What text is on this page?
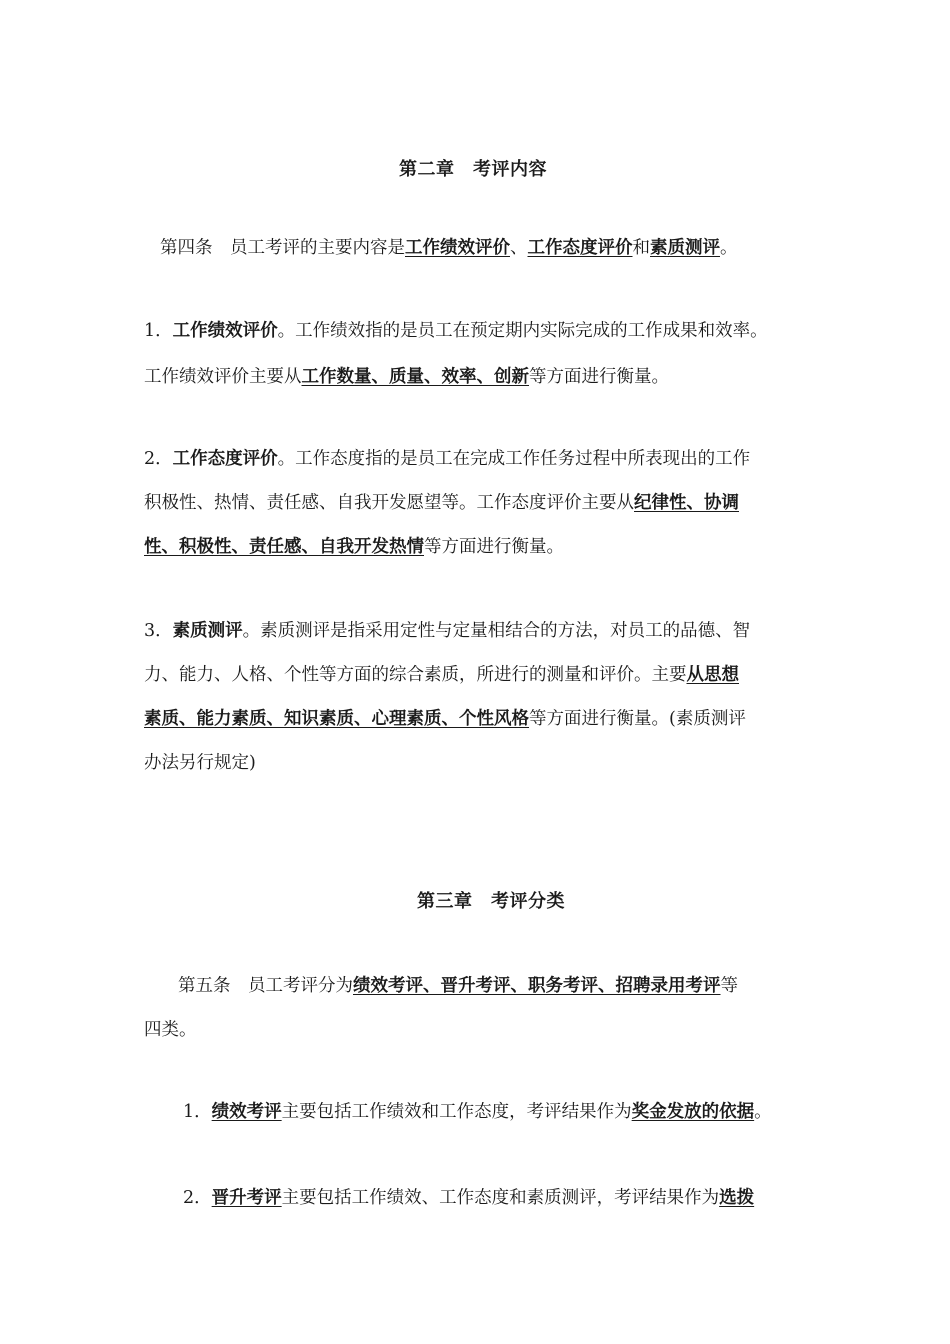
第二章　考评内容
第四条　员工考评的主要内容是工作绩效评价、工作态度评价和素质测评。
1．工作绩效评价。工作绩效指的是员工在预定期内实际完成的工作成果和效率。
工作绩效评价主要从工作数量、质量、效率、创新等方面进行衡量。
2．工作态度评价。工作态度指的是员工在完成工作任务过程中所表现出的工作
积极性、热情、责任感、自我开发愿望等。工作态度评价主要从纪律性、协调
性、积极性、责任感、自我开发热情等方面进行衡量。
3．素质测评。素质测评是指采用定性与定量相结合的方法，对员工的品德、智
力、能力、人格、个性等方面的综合素质，所进行的测量和评价。主要从思想
素质、能力素质、知识素质、心理素质、个性风格等方面进行衡量。(素质测评
办法另行规定)
第三章　考评分类
第五条　员工考评分为绩效考评、晋升考评、职务考评、招聘录用考评等
四类。
1．绩效考评主要包括工作绩效和工作态度，考评结果作为奖金发放的依据。
2．晋升考评主要包括工作绩效、工作态度和素质测评，考评结果作为选拨
